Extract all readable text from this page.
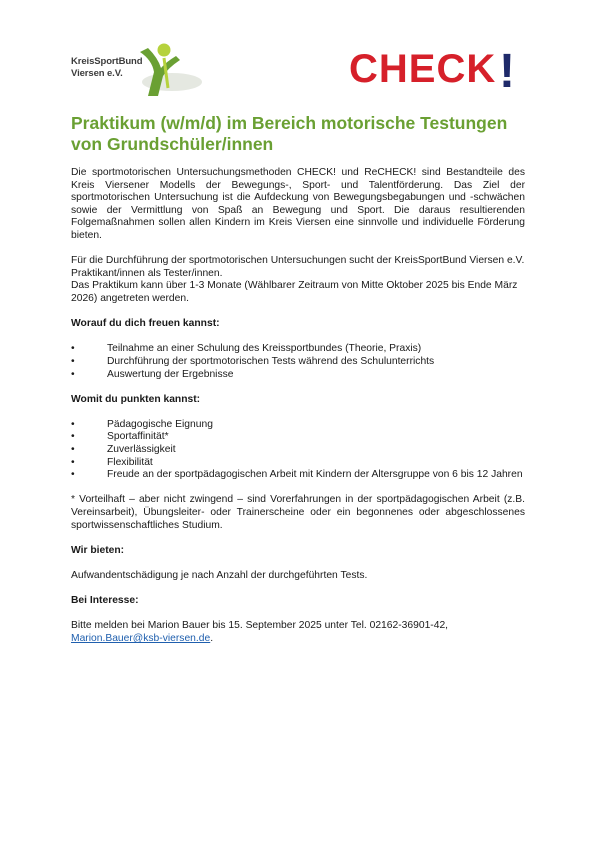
KreisSportBund
Viersen e.V.	CHECK !
Praktikum (w/m/d) im Bereich motorische Testungen
von Grundschüler/innen

Die sportmotorischen Untersuchungsmethoden CHECK! und ReCHECK! sind Bestandteile des Kreis Viersener Modells der Bewegungs-, Sport- und Talentförderung. Das Ziel der sportmotorischen Untersuchung ist die Aufdeckung von Bewegungsbegabungen und -schwächen sowie der Vermittlung von Spaß an Bewegung und Sport. Die daraus resultierenden Folgemaßnahmen sollen allen Kindern im Kreis Viersen eine sinnvolle und individuelle Förderung bieten.

Für die Durchführung der sportmotorischen Untersuchungen sucht der KreisSportBund Viersen e.V. Praktikant/innen als Tester/innen.

Das Praktikum kann über 1-3 Monate (Wählbarer Zeitraum von Mitte Oktober 2025 bis Ende März 2026) angetreten werden.

Worauf du dich freuen kannst:

•	Teilnahme an einer Schulung des Kreissportbundes (Theorie, Praxis)
•	Durchführung der sportmotorischen Tests während des Schulunterrichts
•	Auswertung der Ergebnisse

Womit du punkten kannst:

•	Pädagogische Eignung
•	Sportaffinität*
•	Zuverlässigkeit
•	Flexibilität
•	Freude an der sportpädagogischen Arbeit mit Kindern der Altersgruppe von 6 bis 12 Jahren

* Vorteilhaft – aber nicht zwingend – sind Vorerfahrungen in der sportpädagogischen Arbeit (z.B. Vereinsarbeit), Übungsleiter- oder Trainerscheine oder ein begonnenes oder abgeschlossenes sportwissenschaftliches Studium.

Wir bieten:

Aufwandentschädigung je nach Anzahl der durchgeführten Tests.

Bei Interesse:

Bitte melden bei Marion Bauer bis 15. September 2025 unter Tel. 02162-36901-42,
Marion.Bauer@ksb-viersen.de.
